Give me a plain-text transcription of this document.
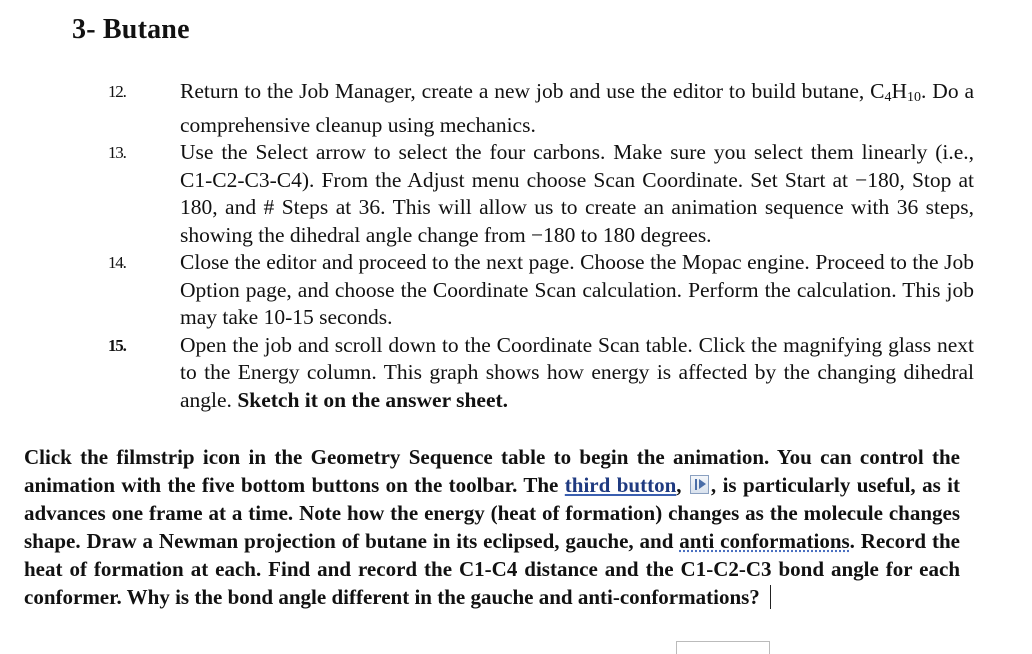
3- Butane
12.	Return to the Job Manager, create a new job and use the editor to build butane, $C_4H_{10}$. Do a comprehensive cleanup using mechanics.
13.	Use the Select arrow to select the four carbons. Make sure you select them linearly (i.e., C1-C2-C3-C4). From the Adjust menu choose Scan Coordinate. Set Start at −180, Stop at 180, and # Steps at 36. This will allow us to create an animation sequence with 36 steps, showing the dihedral angle change from −180 to 180 degrees.
14.	Close the editor and proceed to the next page. Choose the Mopac engine. Proceed to the Job Option page, and choose the Coordinate Scan calculation. Perform the calculation. This job may take 10-15 seconds.
15.	Open the job and scroll down to the Coordinate Scan table. Click the magnifying glass next to the Energy column. This graph shows how energy is affected by the changing dihedral angle. Sketch it on the answer sheet.
Click the filmstrip icon in the Geometry Sequence table to begin the animation. You can control the animation with the five bottom buttons on the toolbar. The third button, , is particularly useful, as it advances one frame at a time. Note how the energy (heat of formation) changes as the molecule changes shape. Draw a Newman projection of butane in its eclipsed, gauche, and anti conformations. Record the heat of formation at each. Find and record the C1-C4 distance and the C1-C2-C3 bond angle for each conformer. Why is the bond angle different in the gauche and anti-conformations?
